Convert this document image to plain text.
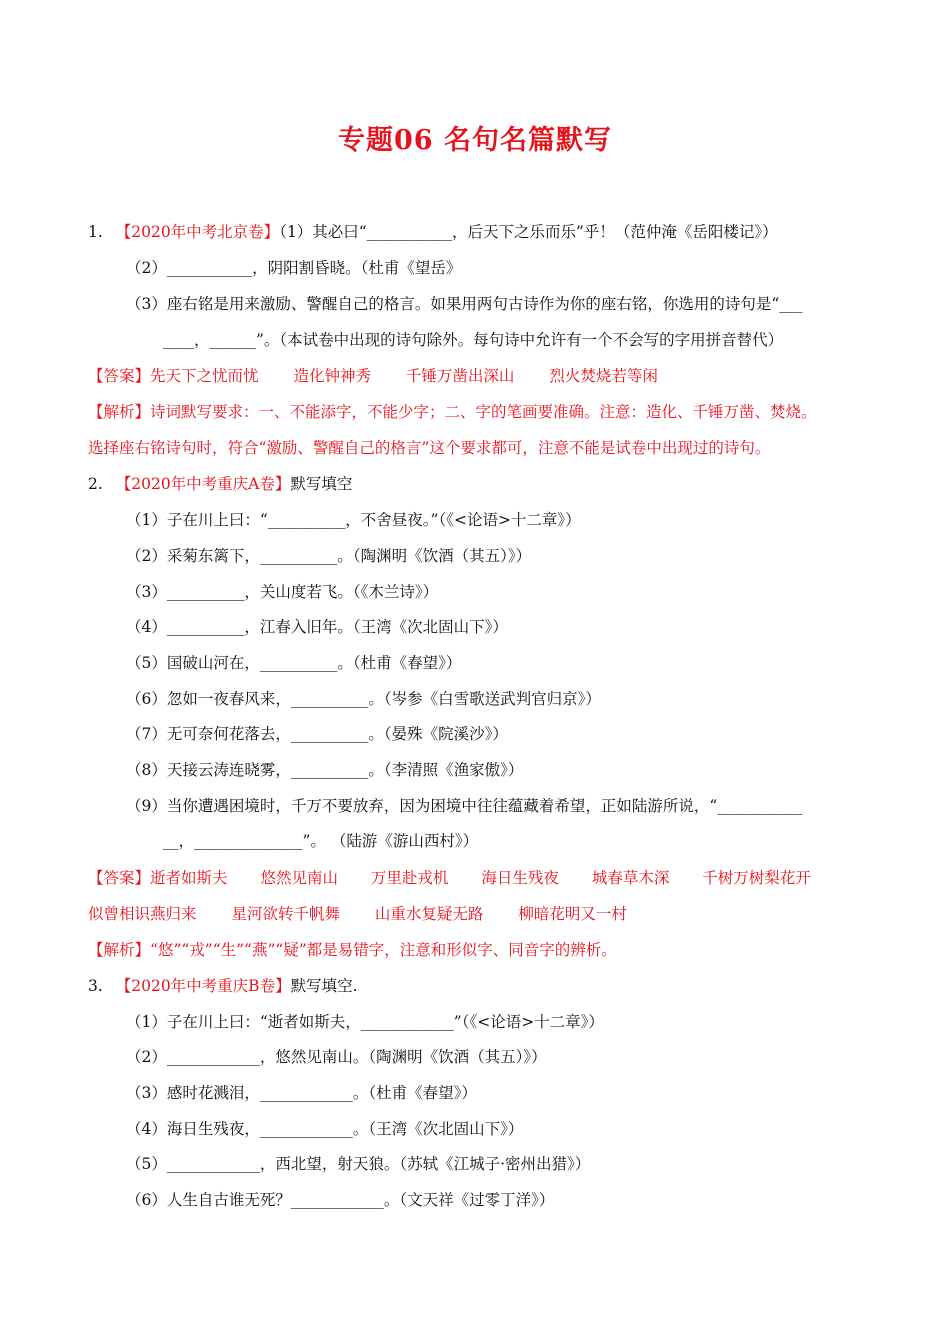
专题06 名句名篇默写
1. 【2020年中考北京卷】（1）其必曰“___________，后天下之乐而乐”乎！（范仲淹《岳阳楼记》）
（2）___________，阴阳割昏晓。（杜甫《望岳》
（3）座右铭是用来激励、警醒自己的格言。如果用两句古诗作为你的座右铭，你选用的诗句是“___
____，______”。（本试卷中出现的诗句除外。每句诗中允许有一个不会写的字用拼音替代）
【答案】先天下之忧而忧 造化钟神秀 千锤万凿出深山 烈火焚烧若等闲
【解析】诗词默写要求：一、不能添字，不能少字；二、字的笔画要准确。注意：造化、千锤万凿、焚烧。
选择座右铭诗句时，符合“激励、警醒自己的格言”这个要求都可，注意不能是试卷中出现过的诗句。
2. 【2020年中考重庆A卷】默写填空
（1）子在川上曰：“__________，不舍昼夜。”（《<论语>十二章》）
（2）采菊东篱下，__________。（陶渊明《饮酒（其五）》）
（3）__________，关山度若飞。（《木兰诗》）
（4）__________，江春入旧年。（王湾《次北固山下》）
（5）国破山河在，__________。（杜甫《春望》）
（6）忽如一夜春风来，__________。（岑参《白雪歌送武判官归京》）
（7）无可奈何花落去，__________。（晏殊《院溪沙》）
（8）天接云涛连晓雾，__________。（李清照《渔家傲》）
（9）当你遭遇困境时，千万不要放弃，因为困境中往往蕴藏着希望，正如陆游所说，“___________
__，______________”。 （陆游《游山西村》）
【答案】逝者如斯夫 悠然见南山 万里赴戎机 海日生残夜 城春草木深 千树万树梨花开
似曾相识燕归来 星河欲转千帆舞 山重水复疑无路 柳暗花明又一村
【解析】“悠”“戎”“生”“燕”“疑”都是易错字，注意和形似字、同音字的辨析。
3. 【2020年中考重庆B卷】默写填空.
（1）子在川上曰：“逝者如斯夫，____________”（《<论语>十二章》）
（2）____________，悠然见南山。（陶渊明《饮酒（其五）》）
（3）感时花溅泪，____________。（杜甫《春望》）
（4）海日生残夜，____________。（王湾《次北固山下》）
（5）____________，西北望，射天狼。（苏轼《江城子·密州出猎》）
（6）人生自古谁无死？____________。（文天祥《过零丁洋》）
